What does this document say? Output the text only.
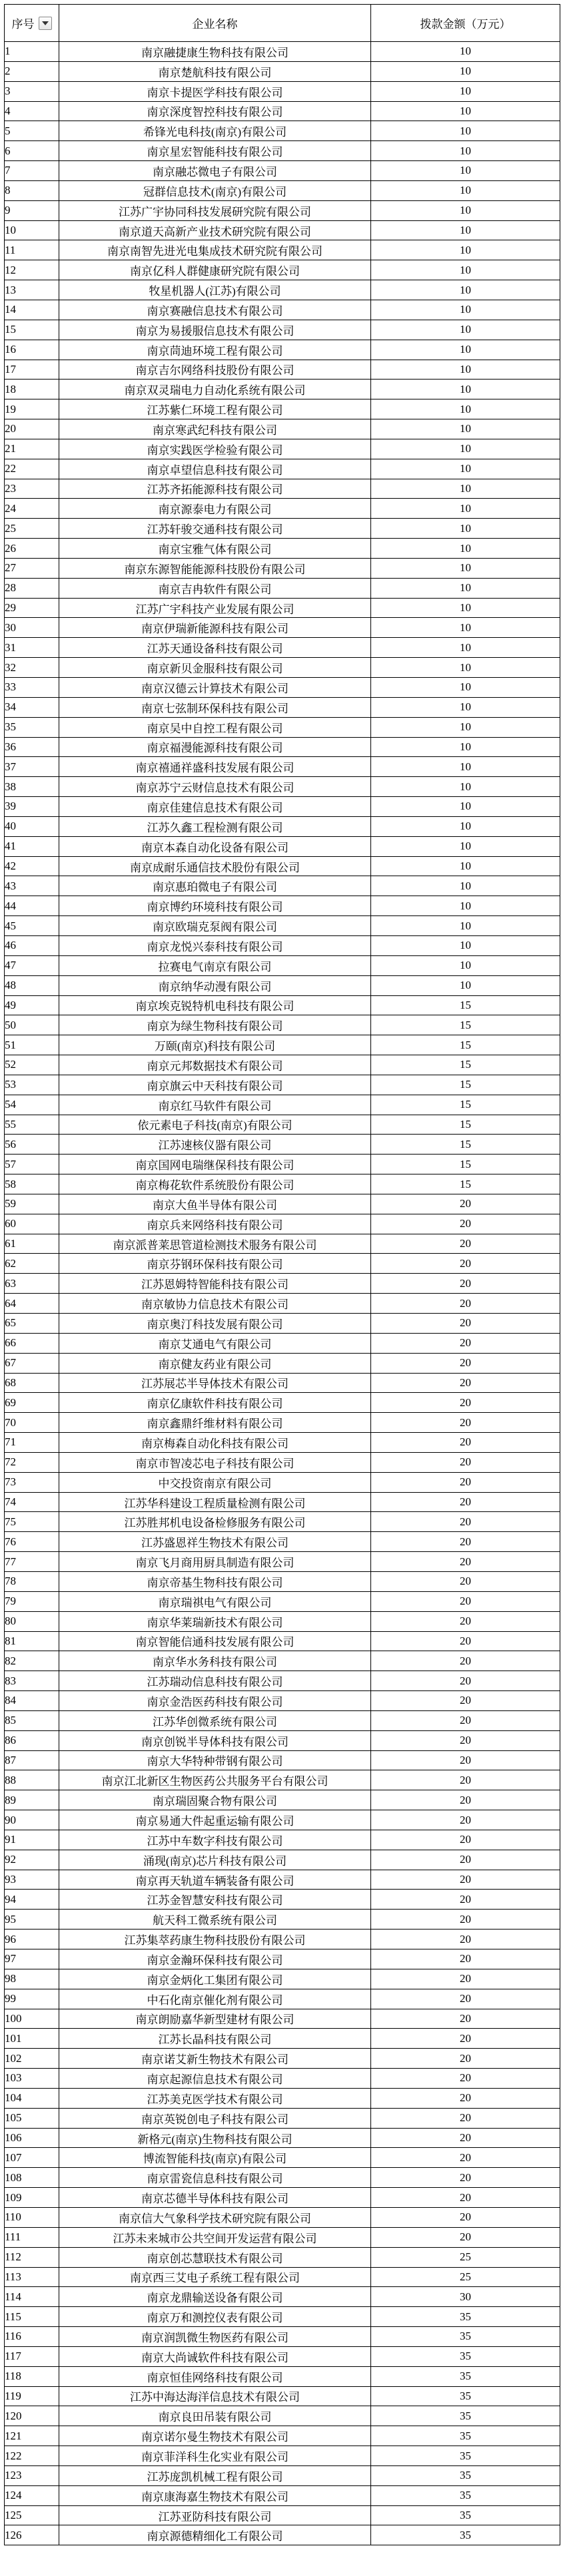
序号	企业名称	拨款金额（万元）

1	南京融捷康生物科技有限公司	10
2	南京楚航科技有限公司	10
3	南京卡提医学科技有限公司	10
4	南京深度智控科技有限公司	10
5	希锋光电科技(南京)有限公司	10
6	南京星宏智能科技有限公司	10
7	南京融芯微电子有限公司	10
8	冠群信息技术(南京)有限公司	10
9	江苏广宇协同科技发展研究院有限公司	10
10	南京道天高新产业技术研究院有限公司	10
11	南京南智先进光电集成技术研究院有限公司	10
12	南京亿科人群健康研究院有限公司	10
13	牧星机器人(江苏)有限公司	10
14	南京赛融信息技术有限公司	10
15	南京为易援服信息技术有限公司	10
16	南京茼迪环境工程有限公司	10
17	南京吉尔网络科技股份有限公司	10
18	南京双灵瑞电力自动化系统有限公司	10
19	江苏紫仁环境工程有限公司	10
20	南京寒武纪科技有限公司	10
21	南京实践医学检验有限公司	10
22	南京卓望信息科技有限公司	10
23	江苏齐拓能源科技有限公司	10
24	南京源泰电力有限公司	10
25	江苏轩骏交通科技有限公司	10
26	南京宝雅气体有限公司	10
27	南京东源智能能源科技股份有限公司	10
28	南京吉冉软件有限公司	10
29	江苏广宇科技产业发展有限公司	10
30	南京伊瑞新能源科技有限公司	10
31	江苏天通设备科技有限公司	10
32	南京新贝金服科技有限公司	10
33	南京汉德云计算技术有限公司	10
34	南京七弦制环保科技有限公司	10
35	南京吴中自控工程有限公司	10
36	南京福漫能源科技有限公司	10
37	南京禧通祥盛科技发展有限公司	10
38	南京苏宁云财信息技术有限公司	10
39	南京佳建信息技术有限公司	10
40	江苏久鑫工程检测有限公司	10
41	南京本森自动化设备有限公司	10
42	南京成耐乐通信技术股份有限公司	10
43	南京惠珀微电子有限公司	10
44	南京博约环境科技有限公司	10
45	南京欧瑞克泵阀有限公司	10
46	南京龙悦兴泰科技有限公司	10
47	拉赛电气南京有限公司	10
48	南京纳华动漫有限公司	10
49	南京埃克锐特机电科技有限公司	15
50	南京为绿生物科技有限公司	15
51	万颐(南京)科技有限公司	15
52	南京元邦数据技术有限公司	15
53	南京旗云中天科技有限公司	15
54	南京红马软件有限公司	15
55	依元素电子科技(南京)有限公司	15
56	江苏速核仪器有限公司	15
57	南京国网电瑞继保科技有限公司	15
58	南京梅花软件系统股份有限公司	15
59	南京大鱼半导体有限公司	20
60	南京兵来网络科技有限公司	20
61	南京派普莱思管道检测技术服务有限公司	20
62	南京芬钢环保科技有限公司	20
63	江苏恩姆特智能科技有限公司	20
64	南京敏协力信息技术有限公司	20
65	南京奥汀科技发展有限公司	20
66	南京艾通电气有限公司	20
67	南京健友药业有限公司	20
68	江苏展芯半导体技术有限公司	20
69	南京亿康软件科技有限公司	20
70	南京鑫鼎纤维材料有限公司	20
71	南京梅森自动化科技有限公司	20
72	南京市智凌芯电子科技有限公司	20
73	中交投资南京有限公司	20
74	江苏华科建设工程质量检测有限公司	20
75	江苏胜邦机电设备检修服务有限公司	20
76	江苏盛恩祥生物技术有限公司	20
77	南京飞月商用厨具制造有限公司	20
78	南京帝基生物科技有限公司	20
79	南京瑞祺电气有限公司	20
80	南京华莱瑞新技术有限公司	20
81	南京智能信通科技发展有限公司	20
82	南京华水务科技有限公司	20
83	江苏瑞动信息科技有限公司	20
84	南京金浩医药科技有限公司	20
85	江苏华创微系统有限公司	20
86	南京创锐半导体科技有限公司	20
87	南京大华特种带钢有限公司	20
88	南京江北新区生物医药公共服务平台有限公司	20
89	南京瑞固聚合物有限公司	20
90	南京易通大件起重运输有限公司	20
91	江苏中车数字科技有限公司	20
92	涌现(南京)芯片科技有限公司	20
93	南京再天轨道车辆装备有限公司	20
94	江苏金智慧安科技有限公司	20
95	航天科工微系统有限公司	20
96	江苏集萃药康生物科技股份有限公司	20
97	南京金瀚环保科技有限公司	20
98	南京金炳化工集团有限公司	20
99	中石化南京催化剂有限公司	20
100	南京朗励嘉华新型建材有限公司	20
101	江苏长晶科技有限公司	20
102	南京诺艾新生物技术有限公司	20
103	南京起源信息技术有限公司	20
104	江苏美克医学技术有限公司	20
105	南京英锐创电子科技有限公司	20
106	新格元(南京)生物科技有限公司	20
107	博流智能科技(南京)有限公司	20
108	南京雷瓷信息科技有限公司	20
109	南京芯德半导体科技有限公司	20
110	南京信大气象科学技术研究院有限公司	20
111	江苏未来城市公共空间开发运营有限公司	20
112	南京创芯慧联技术有限公司	25
113	南京西三艾电子系统工程有限公司	25
114	南京龙鼎输送设备有限公司	30
115	南京万和测控仪表有限公司	35
116	南京润凯微生物医药有限公司	35
117	南京大尚诚软件科技有限公司	35
118	南京恒佳网络科技有限公司	35
119	江苏中海达海洋信息技术有限公司	35
120	南京良田吊装有限公司	35
121	南京诺尔曼生物技术有限公司	35
122	南京菲洋科生化实业有限公司	35
123	江苏庞凯机械工程有限公司	35
124	南京康海嘉生物技术有限公司	35
125	江苏亚防科技有限公司	35
126	南京源德精细化工有限公司	35
